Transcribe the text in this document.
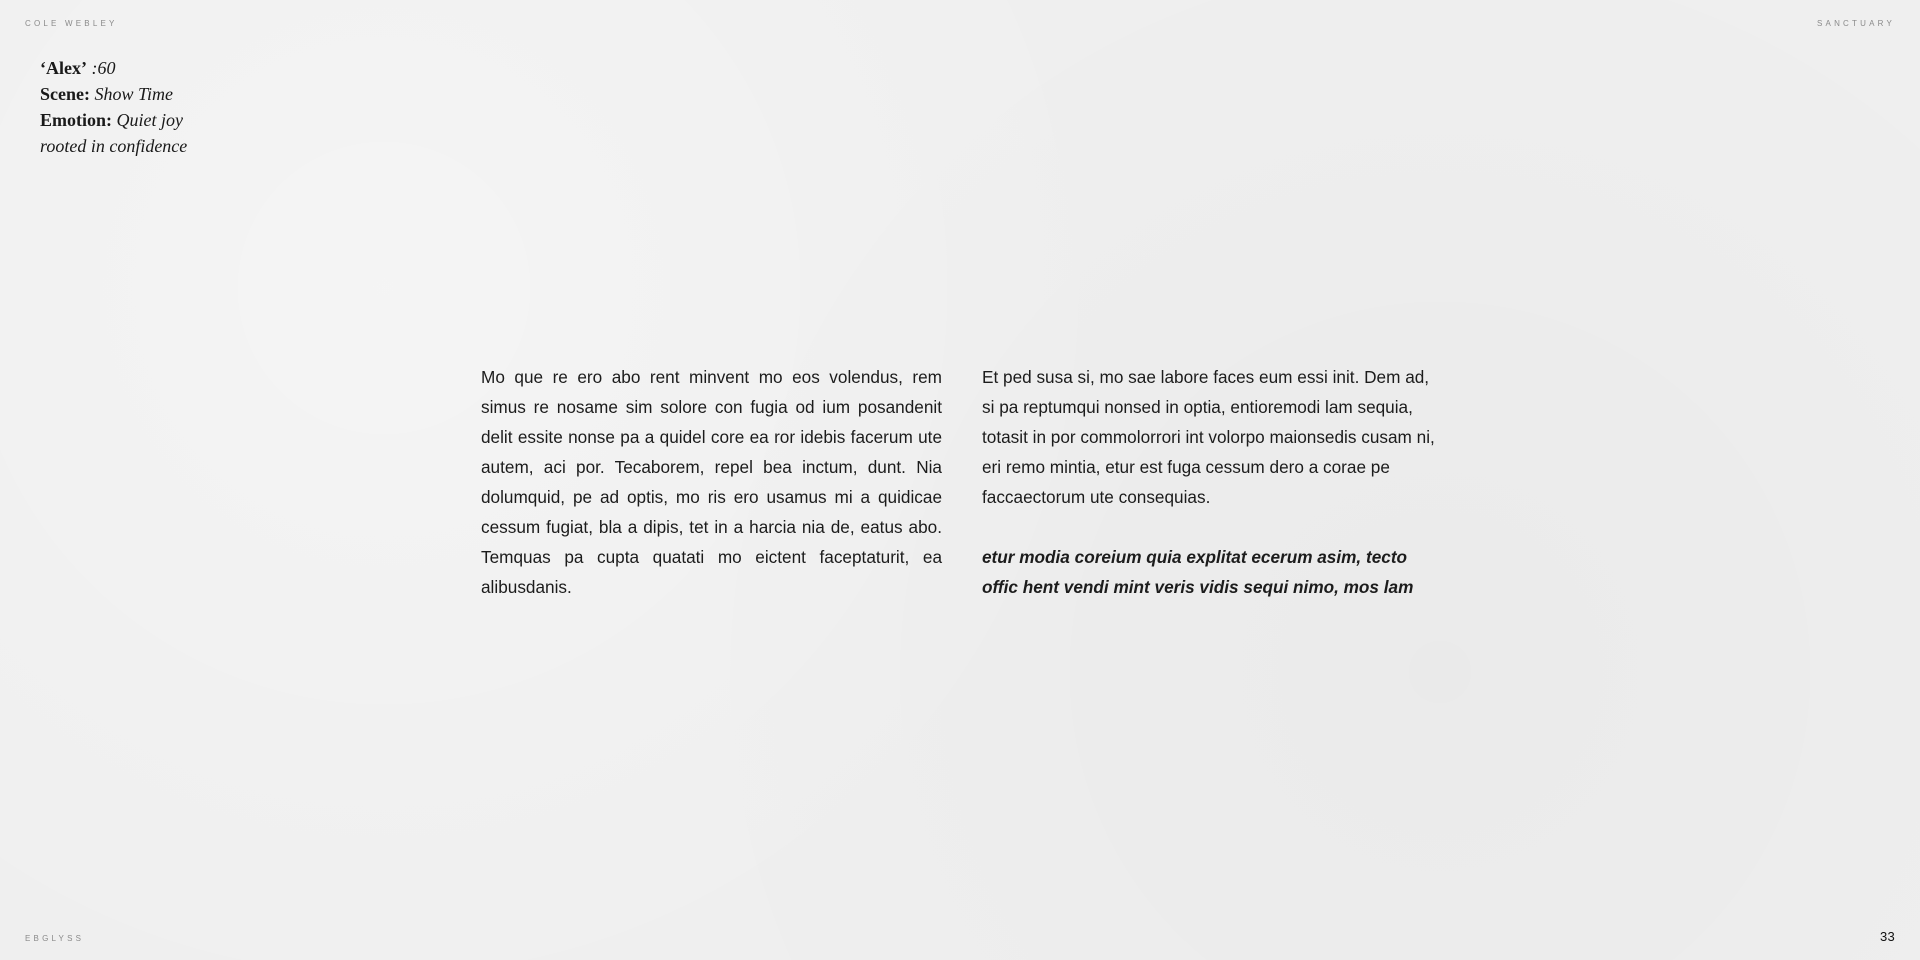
COLE WEBLEY	SANCTUARY
EBGLYSS	33
‘Alex’ :60
Scene: Show Time
Emotion: Quiet joy
rooted in confidence

Mo que re ero abo rent minvent mo eos volendus, rem simus re nosame sim solore con fugia od ium posandenit delit essite nonse pa a quidel core ea ror idebis facerum ute autem, aci por. Tecaborem, repel bea inctum, dunt. Nia dolumquid, pe ad optis, mo ris ero usamus mi a quidicae cessum fugiat, bla a dipis, tet in a harcia nia de, eatus abo. Temquas pa cupta quatati mo eictent faceptaturit, ea alibusdanis.

Et ped susa si, mo sae labore faces eum essi init. Dem ad, si pa reptumqui nonsed in optia, entioremodi lam sequia, totasit in por commolorrori int volorpo maionsedis cusam ni, eri remo mintia, etur est fuga cessum dero a corae pe faccaectorum ute consequias.

etur modia coreium quia explitat ecerum asim, tecto offic hent vendi mint veris vidis sequi nimo, mos lam
